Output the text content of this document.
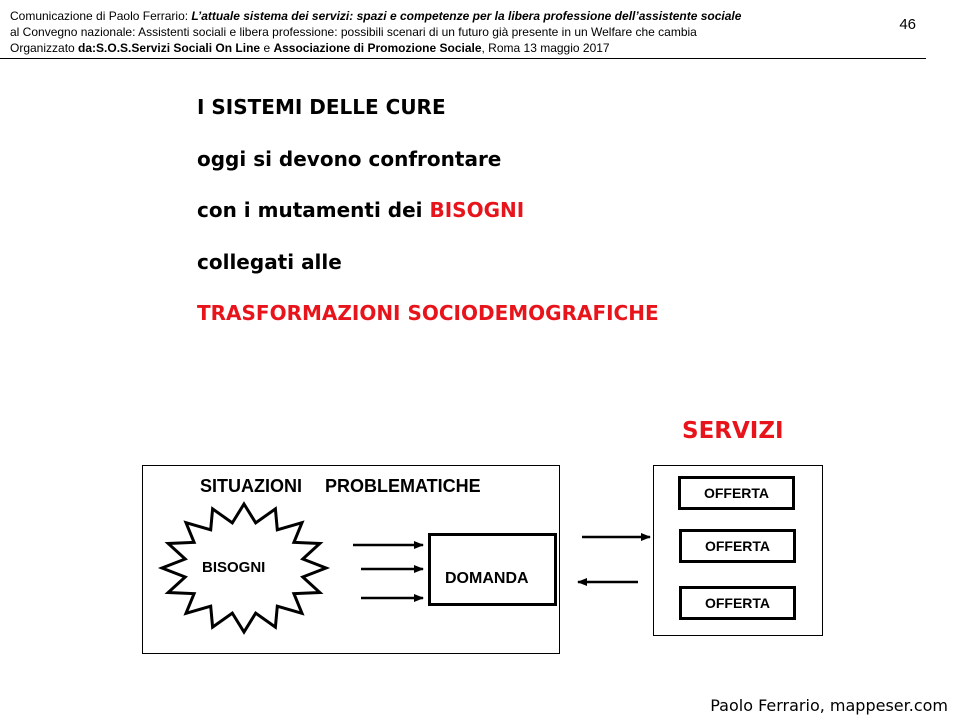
Comunicazione di Paolo Ferrario: L’attuale sistema dei servizi: spazi e competenze per la libera professione dell’assistente sociale
al Convegno nazionale: Assistenti sociali e libera professione: possibili scenari di un futuro già presente in un Welfare che cambia
Organizzato da:S.O.S.Servizi Sociali On Line e Associazione di Promozione Sociale, Roma 13 maggio 2017
46
I SISTEMI DELLE CURE
oggi si devono confrontare
con i mutamenti dei BISOGNI
collegati alle
TRASFORMAZIONI SOCIODEMOGRAFICHE
SERVIZI
SITUAZIONI PROBLEMATICHE
BISOGNI
DOMANDA
OFFERTA
OFFERTA
OFFERTA
Paolo Ferrario, mappeser.com
